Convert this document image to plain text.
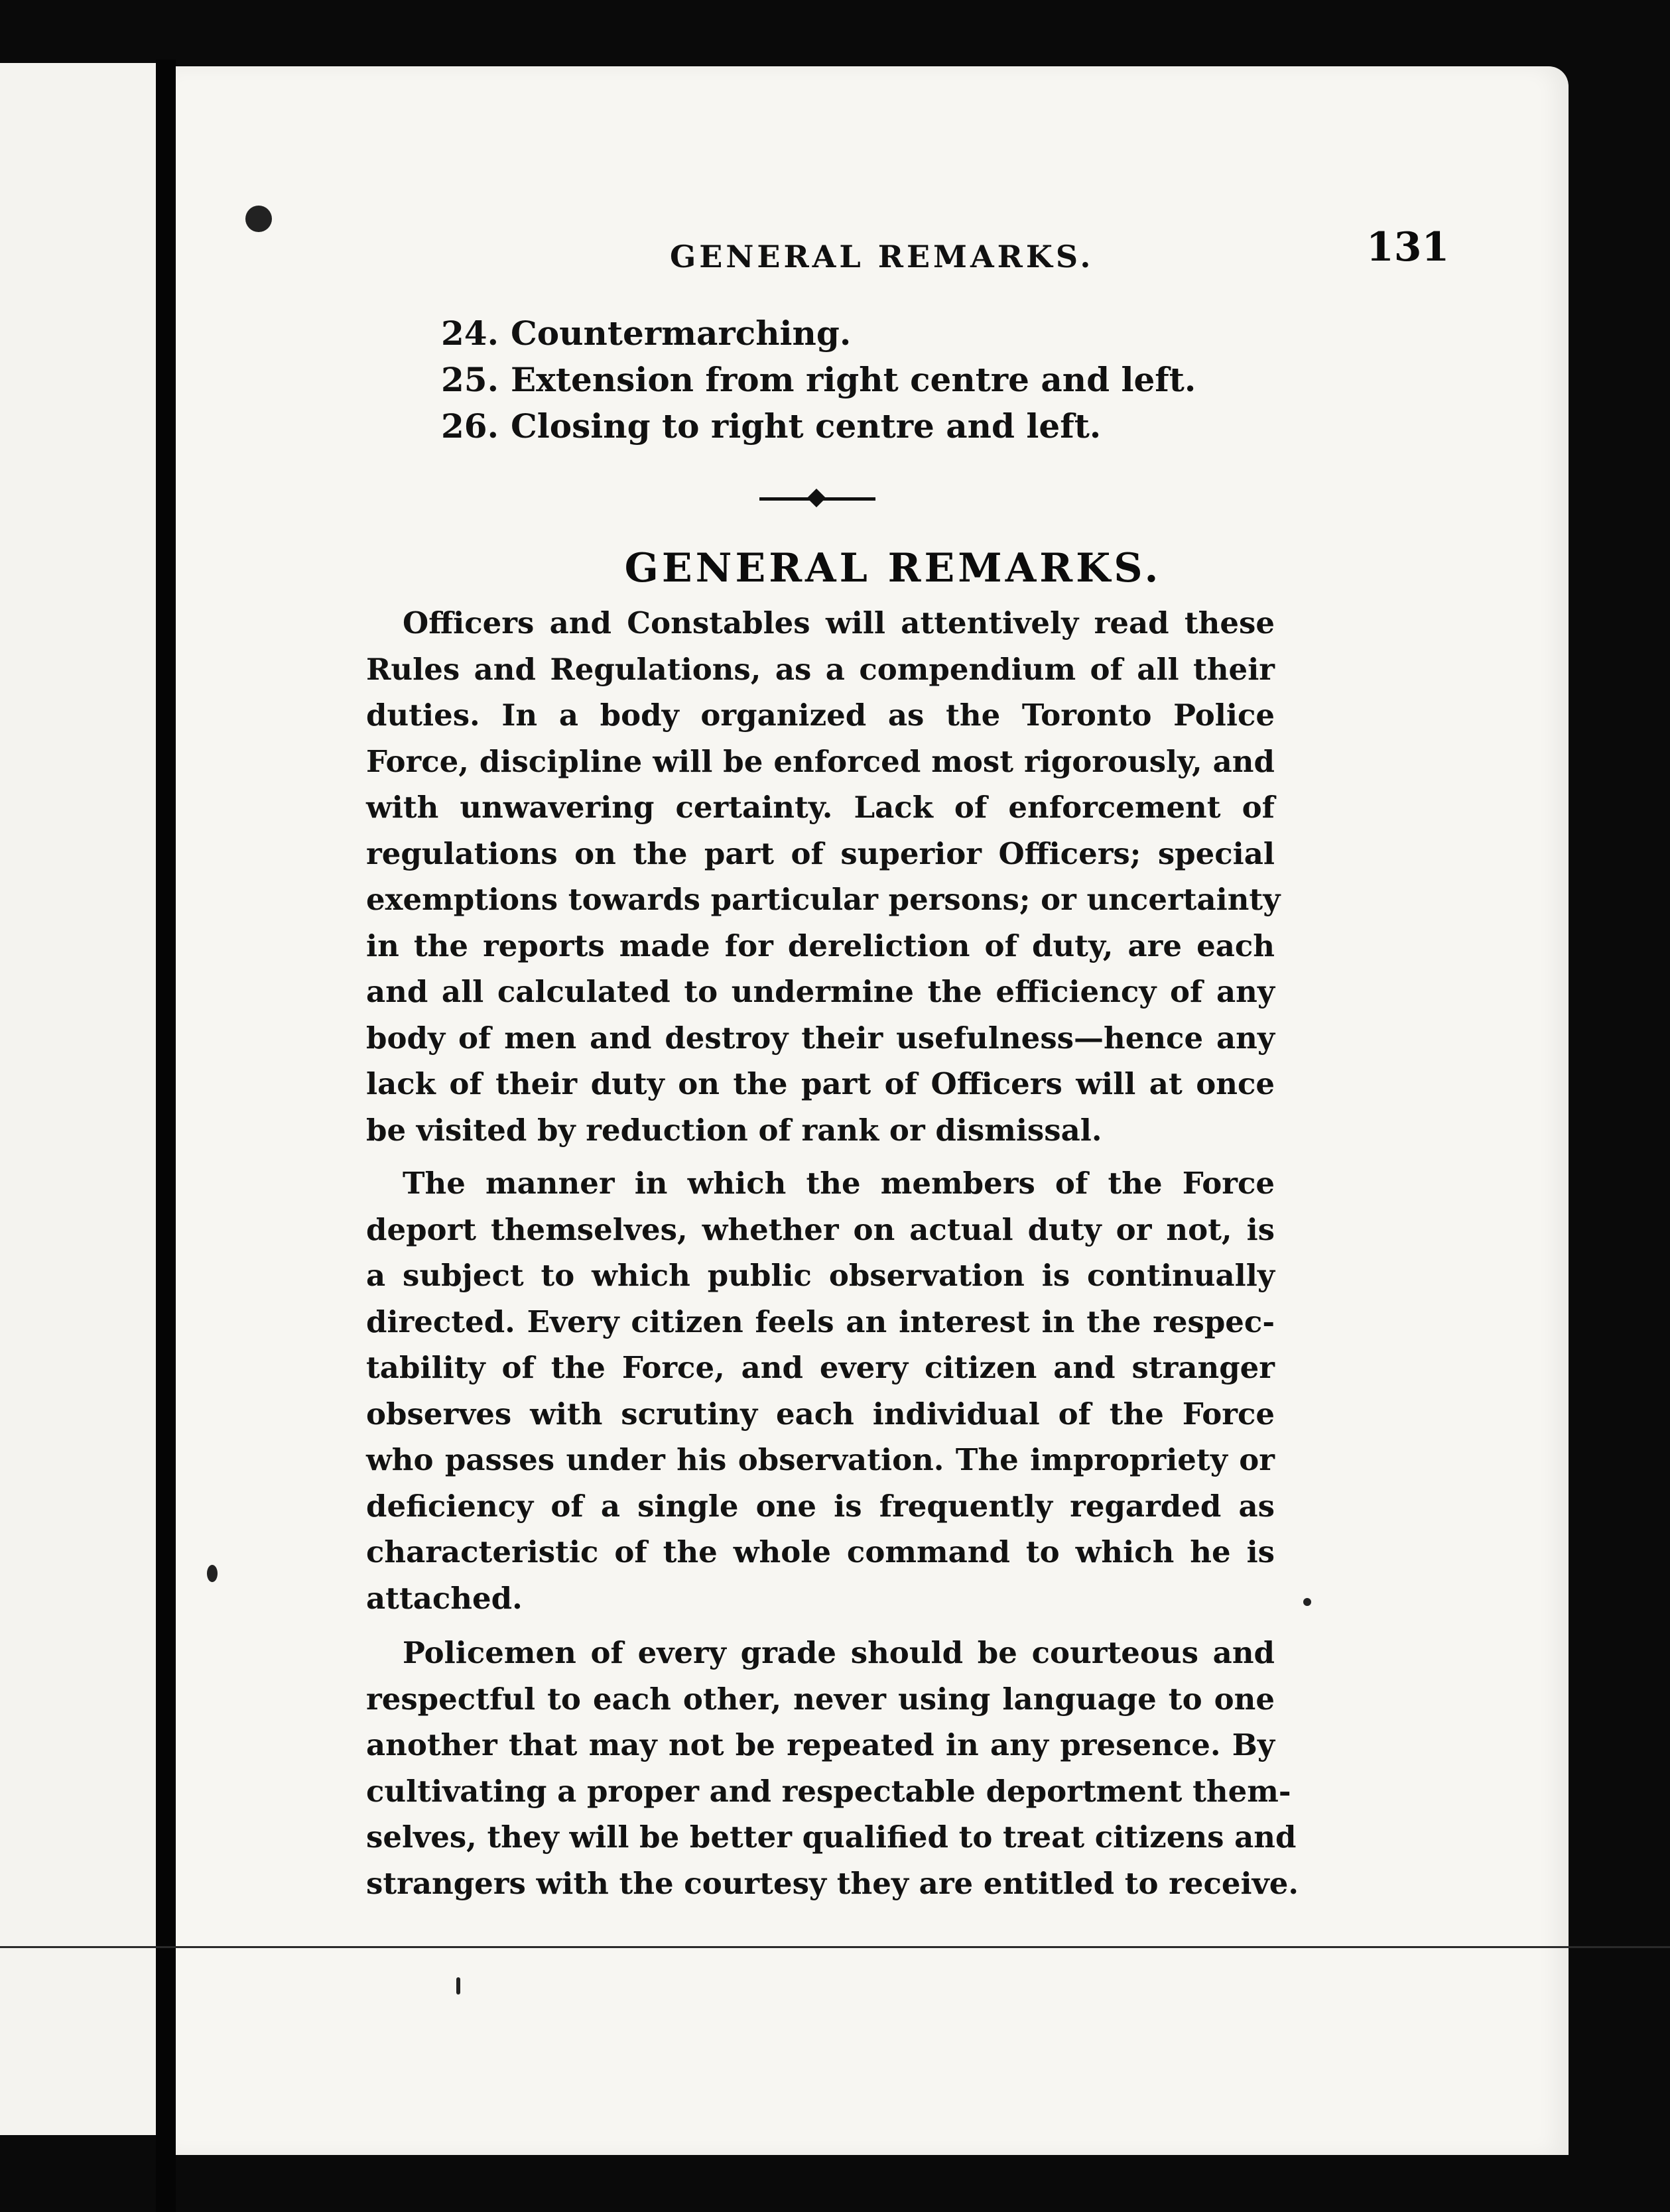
GENERAL REMARKS.	131
24. Countermarching.
25. Extension from right centre and left.
26. Closing to right centre and left.
GENERAL REMARKS.

Officers and Constables will attentively read these
Rules and Regulations, as a compendium of all their
duties. In a body organized as the Toronto Police
Force, discipline will be enforced most rigorously, and
with unwavering certainty. Lack of enforcement of
regulations on the part of superior Officers; special
exemptions towards particular persons; or uncertainty
in the reports made for dereliction of duty, are each
and all calculated to undermine the efficiency of any
body of men and destroy their usefulness—hence any
lack of their duty on the part of Officers will at once
be visited by reduction of rank or dismissal.

The manner in which the members of the Force
deport themselves, whether on actual duty or not, is
a subject to which public observation is continually
directed. Every citizen feels an interest in the respec-
tability of the Force, and every citizen and stranger
observes with scrutiny each individual of the Force
who passes under his observation. The impropriety or
deficiency of a single one is frequently regarded as
characteristic of the whole command to which he is
attached.

Policemen of every grade should be courteous and
respectful to each other, never using language to one
another that may not be repeated in any presence. By
cultivating a proper and respectable deportment them-
selves, they will be better qualified to treat citizens and
strangers with the courtesy they are entitled to receive.
